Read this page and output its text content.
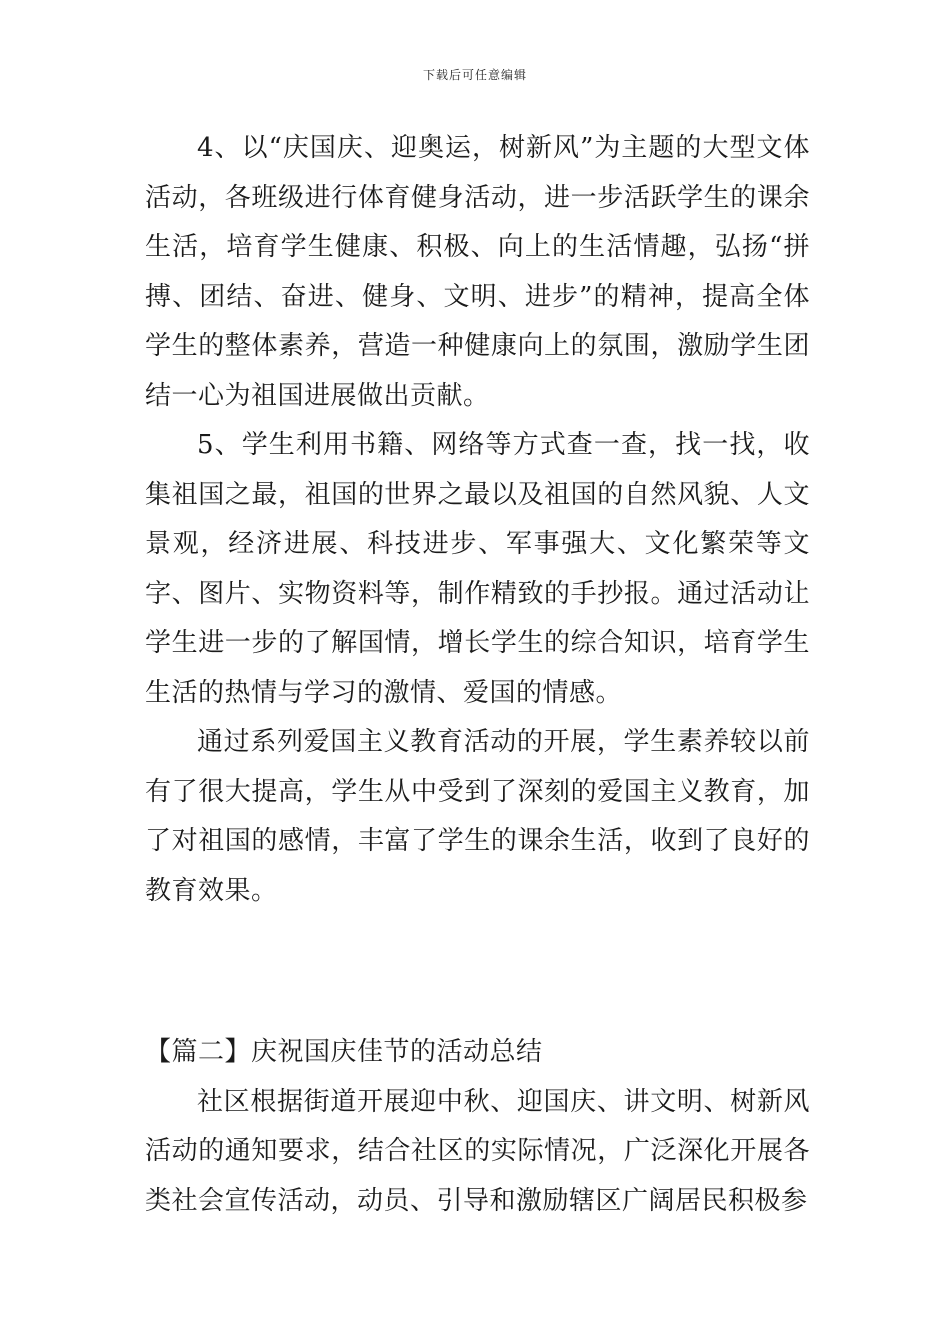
下载后可任意编辑

4、以“庆国庆、迎奥运，树新风”为主题的大型文体活动，各班级进行体育健身活动，进一步活跃学生的课余生活，培育学生健康、积极、向上的生活情趣，弘扬“拼搏、团结、奋进、健身、文明、进步”的精神，提高全体学生的整体素养，营造一种健康向上的氛围，激励学生团结一心为祖国进展做出贡献。

5、学生利用书籍、网络等方式查一查，找一找，收集祖国之最，祖国的世界之最以及祖国的自然风貌、人文景观，经济进展、科技进步、军事强大、文化繁荣等文字、图片、实物资料等，制作精致的手抄报。通过活动让学生进一步的了解国情，增长学生的综合知识，培育学生生活的热情与学习的激情、爱国的情感。

通过系列爱国主义教育活动的开展，学生素养较以前有了很大提高，学生从中受到了深刻的爱国主义教育，加了对祖国的感情，丰富了学生的课余生活，收到了良好的教育效果。

【篇二】庆祝国庆佳节的活动总结

社区根据街道开展迎中秋、迎国庆、讲文明、树新风活动的通知要求，结合社区的实际情况，广泛深化开展各类社会宣传活动，动员、引导和激励辖区广阔居民积极参
